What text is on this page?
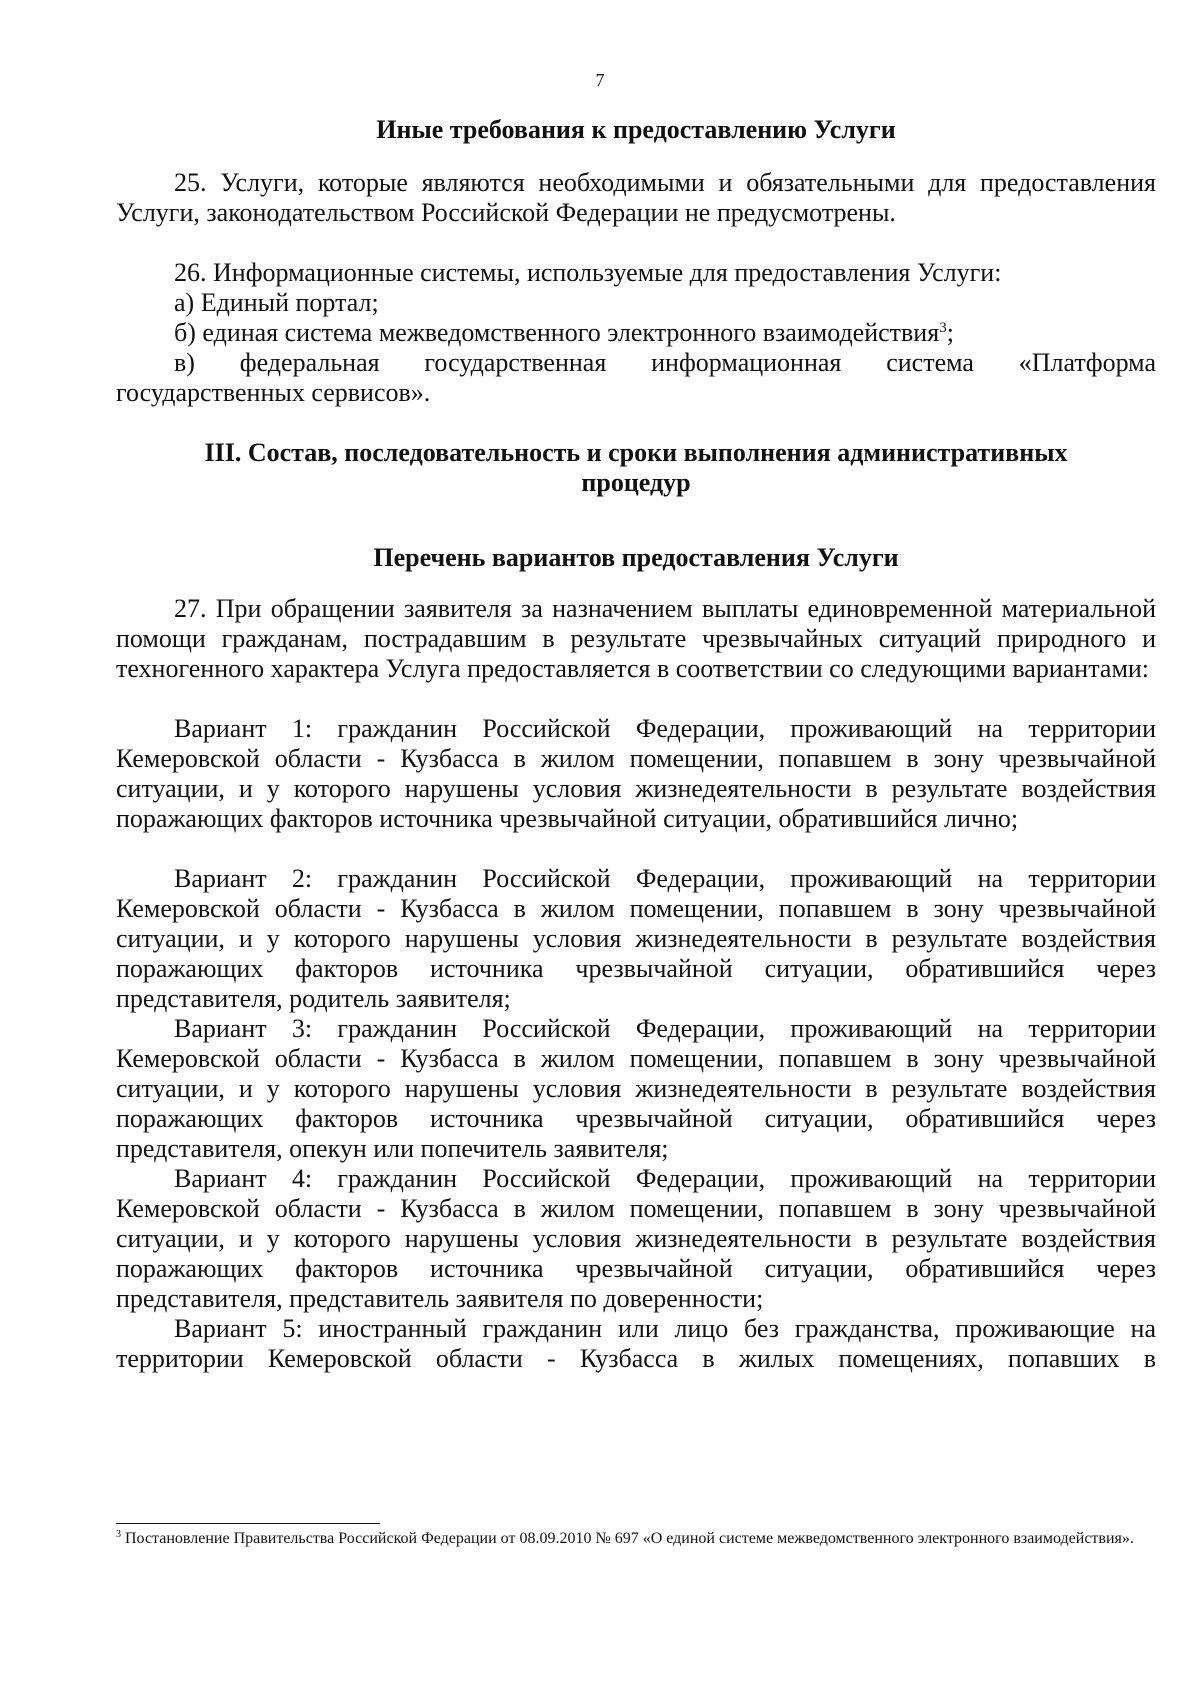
7
Иные требования к предоставлению Услуги

25. Услуги, которые являются необходимыми и обязательными для предоставления Услуги, законодательством Российской Федерации не предусмотрены.

26. Информационные системы, используемые для предоставления Услуги:

а) Единый портал;

б) единая система межведомственного электронного взаимодействия$^3$;

в) федеральная государственная информационная система «Платформа государственных сервисов».

III. Состав, последовательность и сроки выполнения административных
процедур
Перечень вариантов предоставления Услуги

27. При обращении заявителя за назначением выплаты единовременной материальной помощи гражданам, пострадавшим в результате чрезвычайных ситуаций природного и техногенного характера Услуга предоставляется в соответствии со следующими вариантами:

Вариант 1: гражданин Российской Федерации, проживающий на территории Кемеровской области - Кузбасса в жилом помещении, попавшем в зону чрезвычайной ситуации, и у которого нарушены условия жизнедеятельности в результате воздействия поражающих факторов источника чрезвычайной ситуации, обратившийся лично;

Вариант 2: гражданин Российской Федерации, проживающий на территории Кемеровской области - Кузбасса в жилом помещении, попавшем в зону чрезвычайной ситуации, и у которого нарушены условия жизнедеятельности в результате воздействия поражающих факторов источника чрезвычайной ситуации, обратившийся через представителя, родитель заявителя;

Вариант 3: гражданин Российской Федерации, проживающий на территории Кемеровской области - Кузбасса в жилом помещении, попавшем в зону чрезвычайной ситуации, и у которого нарушены условия жизнедеятельности в результате воздействия поражающих факторов источника чрезвычайной ситуации, обратившийся через представителя, опекун или попечитель заявителя;

Вариант 4: гражданин Российской Федерации, проживающий на территории Кемеровской области - Кузбасса в жилом помещении, попавшем в зону чрезвычайной ситуации, и у которого нарушены условия жизнедеятельности в результате воздействия поражающих факторов источника чрезвычайной ситуации, обратившийся через представителя, представитель заявителя по доверенности;

Вариант 5: иностранный гражданин или лицо без гражданства, проживающие на территории Кемеровской области - Кузбасса в жилых помещениях, попавших в

$^3$ Постановление Правительства Российской Федерации от 08.09.2010 № 697 «О единой системе межведомственного электронного взаимодействия».
